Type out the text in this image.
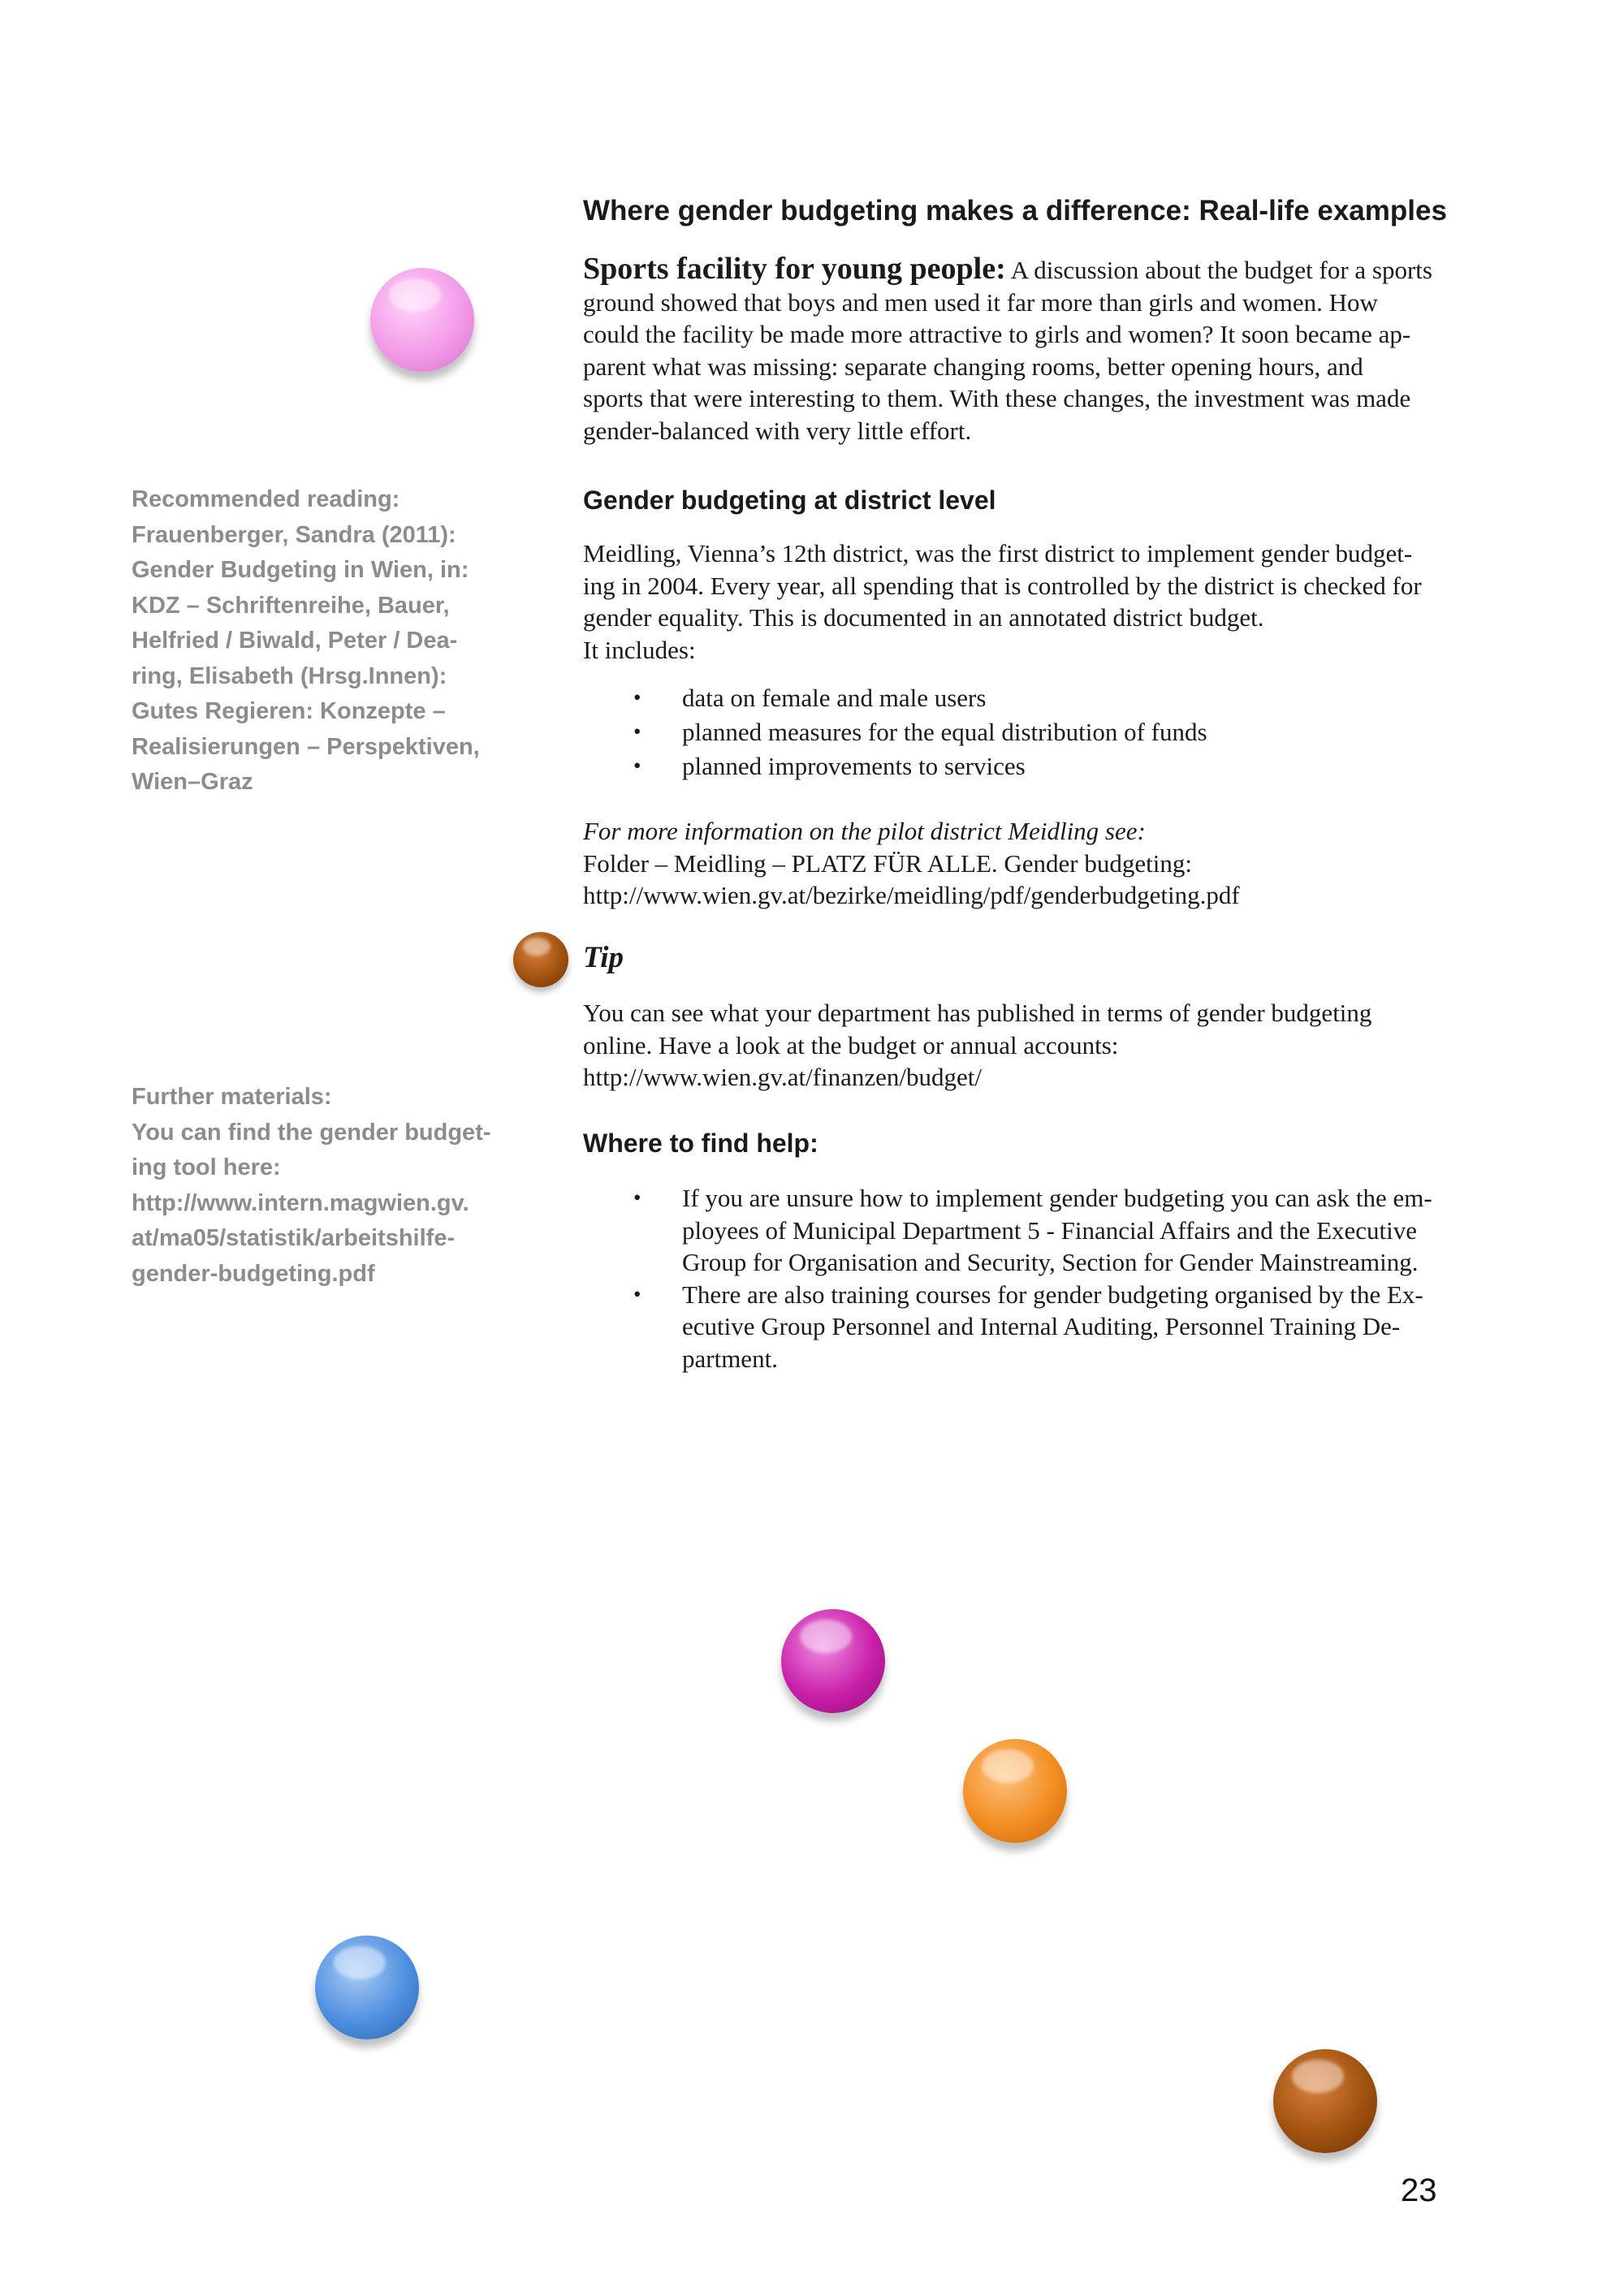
Recommended reading:
Frauenberger, Sandra (2011):
Gender Budgeting in Wien, in:
KDZ – Schriftenreihe, Bauer,
Helfried / Biwald, Peter / Dea-
ring, Elisabeth (Hrsg.Innen):
Gutes Regieren: Konzepte –
Realisierungen – Perspektiven,
Wien–Graz
Further materials:
You can find the gender budget-
ing tool here:
http://www.intern.magwien.gv.
at/ma05/statistik/arbeitshilfe-
gender-budgeting.pdf
Where gender budgeting makes a difference: Real-life examples
Sports facility for young people: A discussion about the budget for a sports
ground showed that boys and men used it far more than girls and women. How
could the facility be made more attractive to girls and women? It soon became ap-
parent what was missing: separate changing rooms, better opening hours, and
sports that were interesting to them. With these changes, the investment was made
gender-balanced with very little effort.
Gender budgeting at district level
Meidling, Vienna’s 12th district, was the first district to implement gender budget-
ing in 2004. Every year, all spending that is controlled by the district is checked for
gender equality. This is documented in an annotated district budget.
It includes:
• data on female and male users
• planned measures for the equal distribution of funds
• planned improvements to services
For more information on the pilot district Meidling see:
Folder – Meidling – PLATZ FÜR ALLE. Gender budgeting:
http://www.wien.gv.at/bezirke/meidling/pdf/genderbudgeting.pdf
Tip
You can see what your department has published in terms of gender budgeting
online. Have a look at the budget or annual accounts:
http://www.wien.gv.at/finanzen/budget/
Where to find help:
• If you are unsure how to implement gender budgeting you can ask the em-
ployees of Municipal Department 5 - Financial Affairs and the Executive
Group for Organisation and Security, Section for Gender Mainstreaming.
• There are also training courses for gender budgeting organised by the Ex-
ecutive Group Personnel and Internal Auditing, Personnel Training De-
partment.
23
